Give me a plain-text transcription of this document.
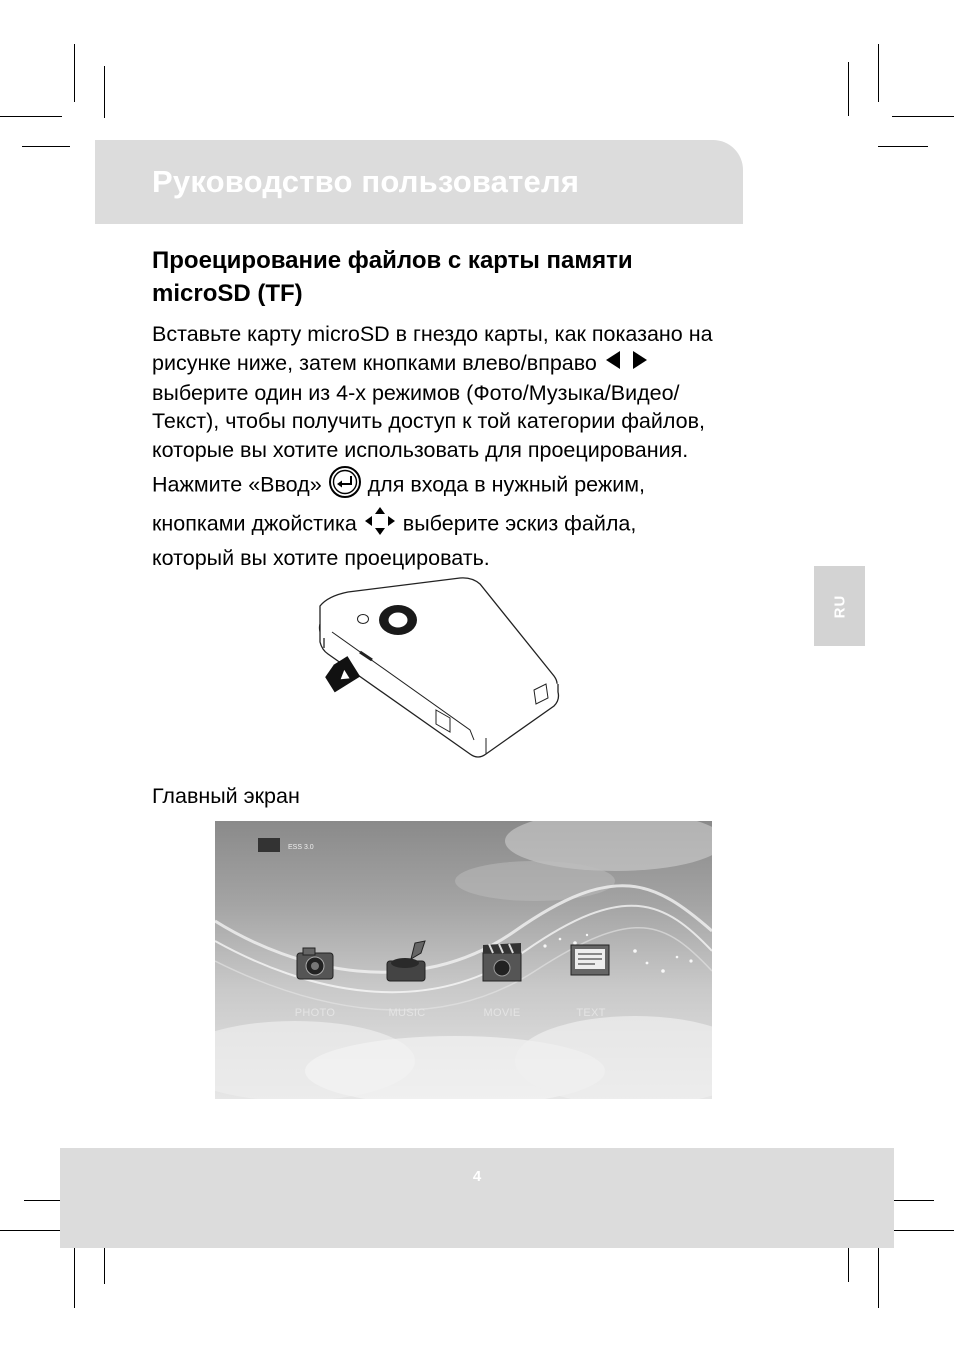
Руководство пользователя
Проецирование файлов с карты памяти
microSD (TF)
Вставьте карту microSD в гнездо карты, как показано на
рисунке ниже, затем кнопками влево/вправо
выберите один из 4-х режимов (Фото/Музыка/Видео/
Текст), чтобы получить доступ к той категории файлов,
которые вы хотите использовать для проецирования.
Нажмите «Ввод» для входа в нужный режим,
кнопками джойстика выберите эскиз файла,
который вы хотите проецировать.
RU
Главный экран
ESS 3.0
PHOTO	MUSIC	MOVIE	TEXT
4
